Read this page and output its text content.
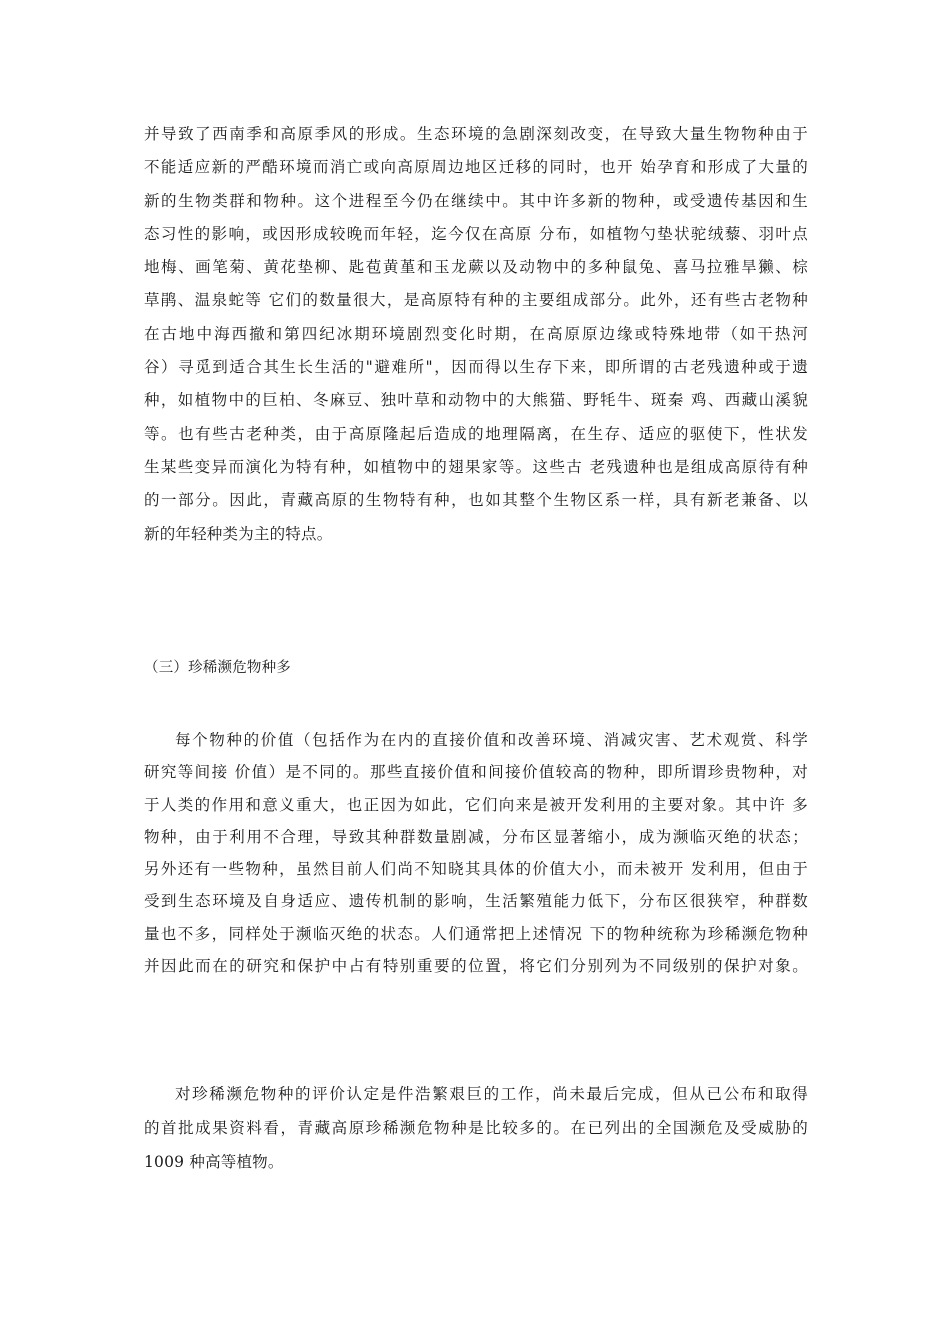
并导致了西南季和高原季风的形成。生态环境的急剧深刻改变，在导致大量生物物种由于
不能适应新的严酷环境而消亡或向高原周边地区迁移的同时，也开 始孕育和形成了大量的
新的生物类群和物种。这个进程至今仍在继续中。其中许多新的物种，或受遗传基因和生
态习性的影响，或因形成较晚而年轻，迄今仅在高原 分布，如植物勺垫状驼绒藜、羽叶点
地梅、画笔菊、黄花垫柳、匙苞黄堇和玉龙蕨以及动物中的多种鼠兔、喜马拉雅旱獭、棕
草鹃、温泉蛇等 它们的数量很大，是高原特有种的主要组成部分。此外，还有些古老物种
在古地中海西撤和第四纪冰期环境剧烈变化时期，在高原原边缘或特殊地带（如干热河
谷）寻觅到适合其生长生活的"避难所"，因而得以生存下来，即所谓的古老残遗种或于遗
种，如植物中的巨柏、冬麻豆、独叶草和动物中的大熊猫、野牦牛、斑秦 鸡、西藏山溪貌
等。也有些古老种类，由于高原隆起后造成的地理隔离，在生存、适应的驱使下，性状发
生某些变异而演化为特有种，如植物中的翅果家等。这些古 老残遗种也是组成高原待有种
的一部分。因此，青藏高原的生物特有种，也如其整个生物区系一样，具有新老兼备、以
新的年轻种类为主的特点。
（三）珍稀濒危物种多
每个物种的价值（包括作为在内的直接价值和改善环境、消减灾害、艺术观赏、科学
研究等间接 价值）是不同的。那些直接价值和间接价值较高的物种，即所谓珍贵物种，对
于人类的作用和意义重大，也正因为如此，它们向来是被开发利用的主要对象。其中许 多
物种，由于利用不合理，导致其种群数量剧减，分布区显著缩小，成为濒临灭绝的状态；
另外还有一些物种，虽然目前人们尚不知晓其具体的价值大小，而未被开 发利用，但由于
受到生态环境及自身适应、遗传机制的影响，生活繁殖能力低下，分布区很狭窄，种群数
量也不多，同样处于濒临灭绝的状态。人们通常把上述情况 下的物种统称为珍稀濒危物种
并因此而在的研究和保护中占有特别重要的位置，将它们分别列为不同级别的保护对象。
对珍稀濒危物种的评价认定是件浩繁艰巨的工作，尚未最后完成，但从已公布和取得
的首批成果资料看，青藏高原珍稀濒危物种是比较多的。在已列出的全国濒危及受威胁的
1009 种高等植物。
